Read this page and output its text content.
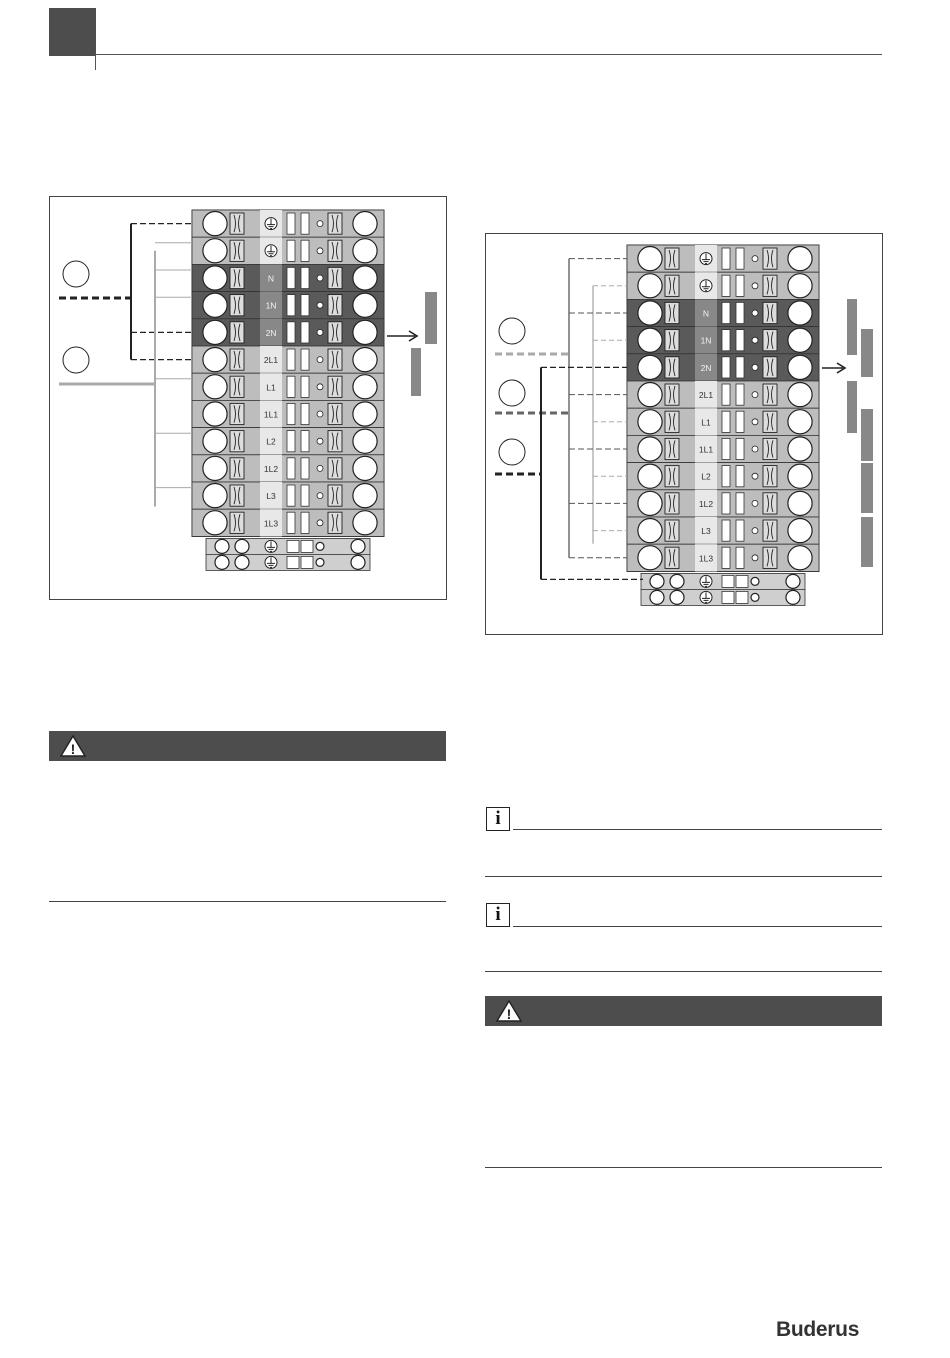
N
1N
2N
2L1
L1
1L1
L2
1L2
L3
1L3
N
1N
2N
2L1
L1
1L1
L2
1L2
L3
1L3
!
i
i
!
Buderus
